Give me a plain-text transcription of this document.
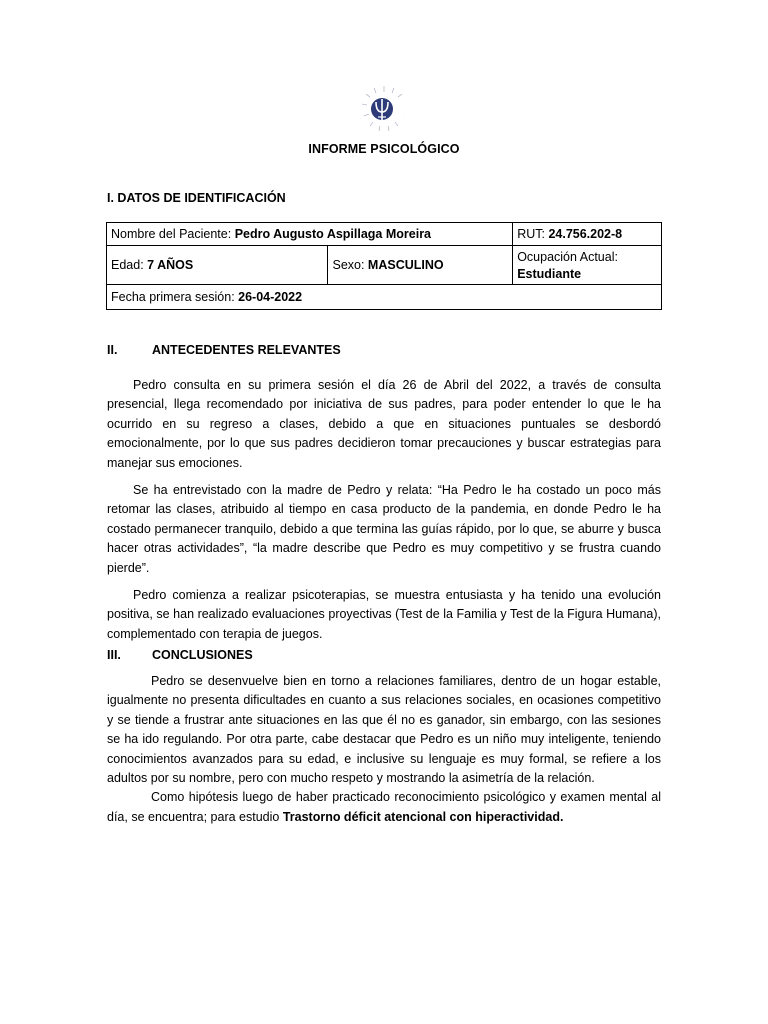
INFORME PSICOLÓGICO
I. DATOS DE IDENTIFICACIÓN
Nombre del Paciente: Pedro Augusto Aspillaga Moreira		RUT: 24.756.202-8
Edad: 7 AÑOS	Sexo: MASCULINO	Ocupación Actual:
Estudiante

Fecha primera sesión: 26-04-2022		
II.	ANTECEDENTES RELEVANTES

Pedro consulta en su primera sesión el día 26 de Abril del 2022, a través de consulta presencial, llega recomendado por iniciativa de sus padres, para poder entender lo que le ha ocurrido en su regreso a clases, debido a que en situaciones puntuales se desbordó emocionalmente, por lo que sus padres decidieron tomar precauciones y buscar estrategias para manejar sus emociones.

Se ha entrevistado con la madre de Pedro y relata: “Ha Pedro le ha costado un poco más retomar las clases, atribuido al tiempo en casa producto de la pandemia, en donde Pedro le ha costado permanecer tranquilo, debido a que termina las guías rápido, por lo que, se aburre y busca hacer otras actividades”, “la madre describe que Pedro es muy competitivo y se frustra cuando pierde”.

Pedro comienza a realizar psicoterapias, se muestra entusiasta y ha tenido una evolución positiva, se han realizado evaluaciones proyectivas (Test de la Familia y Test de la Figura Humana), complementado con terapia de juegos.

III. CONCLUSIONES

Pedro se desenvuelve bien en torno a relaciones familiares, dentro de un hogar estable, igualmente no presenta dificultades en cuanto a sus relaciones sociales, en ocasiones competitivo y se tiende a frustrar ante situaciones en las que él no es ganador, sin embargo, con las sesiones se ha ido regulando. Por otra parte, cabe destacar que Pedro es un niño muy inteligente, teniendo conocimientos avanzados para su edad, e inclusive su lenguaje es muy formal, se refiere a los adultos por su nombre, pero con mucho respeto y mostrando la asimetría de la relación.

Como hipótesis luego de haber practicado reconocimiento psicológico y examen mental al día, se encuentra; para estudio Trastorno déficit atencional con hiperactividad.
